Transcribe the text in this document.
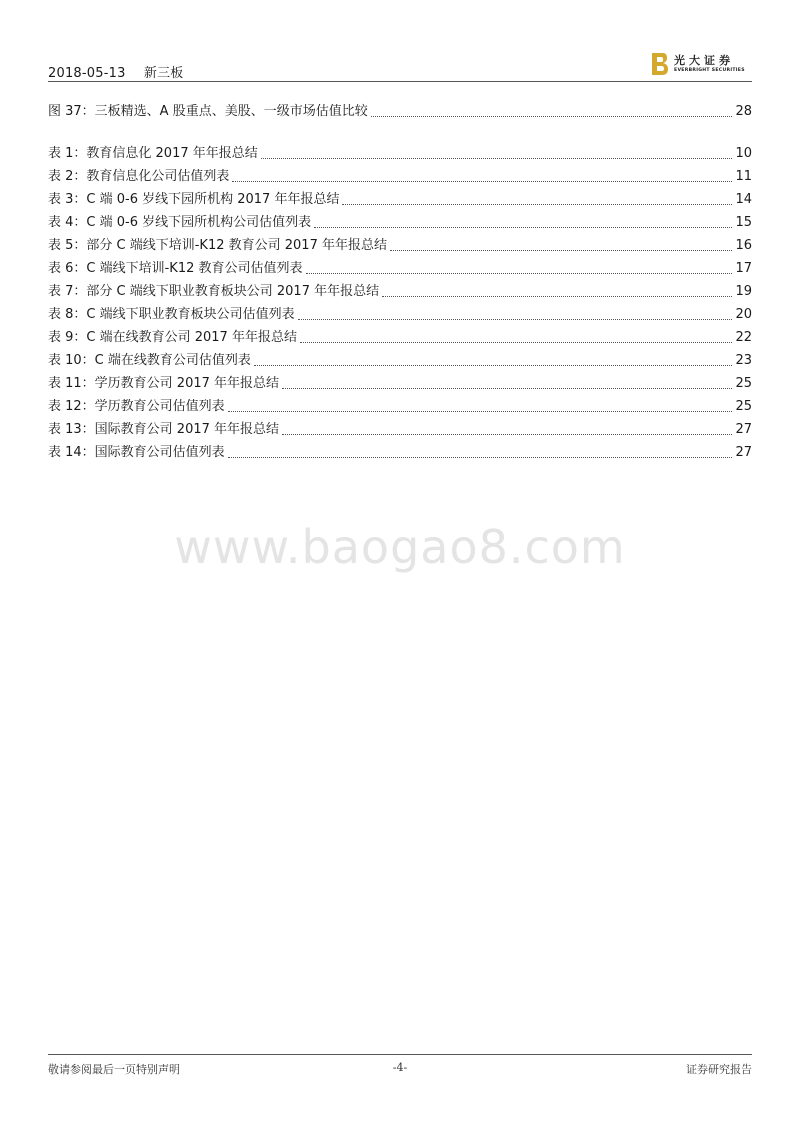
2018-05-13 新三板
光大证券
EVERBRIGHT SECURITIES
图 37：三板精选、A 股重点、美股、一级市场估值比较	28
表 1：教育信息化 2017 年年报总结	10
表 2：教育信息化公司估值列表	11
表 3：C 端 0-6 岁线下园所机构 2017 年年报总结	14
表 4：C 端 0-6 岁线下园所机构公司估值列表	15
表 5：部分 C 端线下培训-K12 教育公司 2017 年年报总结	16
表 6：C 端线下培训-K12 教育公司估值列表	17
表 7：部分 C 端线下职业教育板块公司 2017 年年报总结	19
表 8：C 端线下职业教育板块公司估值列表	20
表 9：C 端在线教育公司 2017 年年报总结	22
表 10：C 端在线教育公司估值列表	23
表 11：学历教育公司 2017 年年报总结	25
表 12：学历教育公司估值列表	25
表 13：国际教育公司 2017 年年报总结	27
表 14：国际教育公司估值列表	27
www.baogao8.com
敬请参阅最后一页特别声明	-4-	证券研究报告
